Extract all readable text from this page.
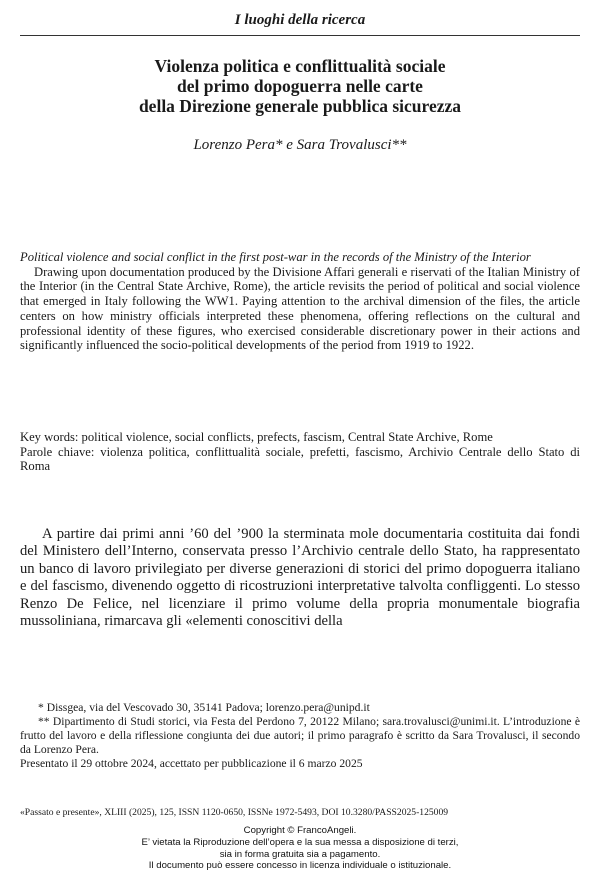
I luoghi della ricerca
Violenza politica e conflittualità sociale
del primo dopoguerra nelle carte
della Direzione generale pubblica sicurezza
Lorenzo Pera* e Sara Trovalusci**
Political violence and social conflict in the first post-war in the records of the Ministry of the Interior

Drawing upon documentation produced by the Divisione Affari generali e riservati of the Italian Ministry of the Interior (in the Central State Archive, Rome), the article revisits the period of political and social violence that emerged in Italy following the WW1. Paying attention to the archival dimension of the files, the article centers on how ministry officials interpreted these phenomena, offering reflections on the cultural and professional identity of these figures, who exercised considerable discretionary power in their actions and significantly influenced the socio-political developments of the period from 1919 to 1922.

Key words: political violence, social conflicts, prefects, fascism, Central State Archive, Rome

Parole chiave: violenza politica, conflittualità sociale, prefetti, fascismo, Archivio Centrale dello Stato di Roma

A partire dai primi anni ’60 del ’900 la sterminata mole documentaria costituita dai fondi del Ministero dell’Interno, conservata presso l’Archivio centrale dello Stato, ha rappresentato un banco di lavoro privilegiato per diverse generazioni di storici del primo dopoguerra italiano e del fascismo, divenendo oggetto di ricostruzioni interpretative talvolta confliggenti. Lo stesso Renzo De Felice, nel licenziare il primo volume della propria monumentale biografia mussoliniana, rimarcava gli «elementi conoscitivi della

* Dissgea, via del Vescovado 30, 35141 Padova; lorenzo.pera@unipd.it

** Dipartimento di Studi storici, via Festa del Perdono 7, 20122 Milano; sara.trovalusci@unimi.it. L’introduzione è frutto del lavoro e della riflessione congiunta dei due autori; il primo paragrafo è scritto da Sara Trovalusci, il secondo da Lorenzo Pera.

Presentato il 29 ottobre 2024, accettato per pubblicazione il 6 marzo 2025

«Passato e presente», XLIII (2025), 125, ISSN 1120-0650, ISSNe 1972-5493, DOI 10.3280/PASS2025-125009
Copyright © FrancoAngeli.
E’ vietata la Riproduzione dell’opera e la sua messa a disposizione di terzi,
sia in forma gratuita sia a pagamento.
Il documento può essere concesso in licenza individuale o istituzionale.
